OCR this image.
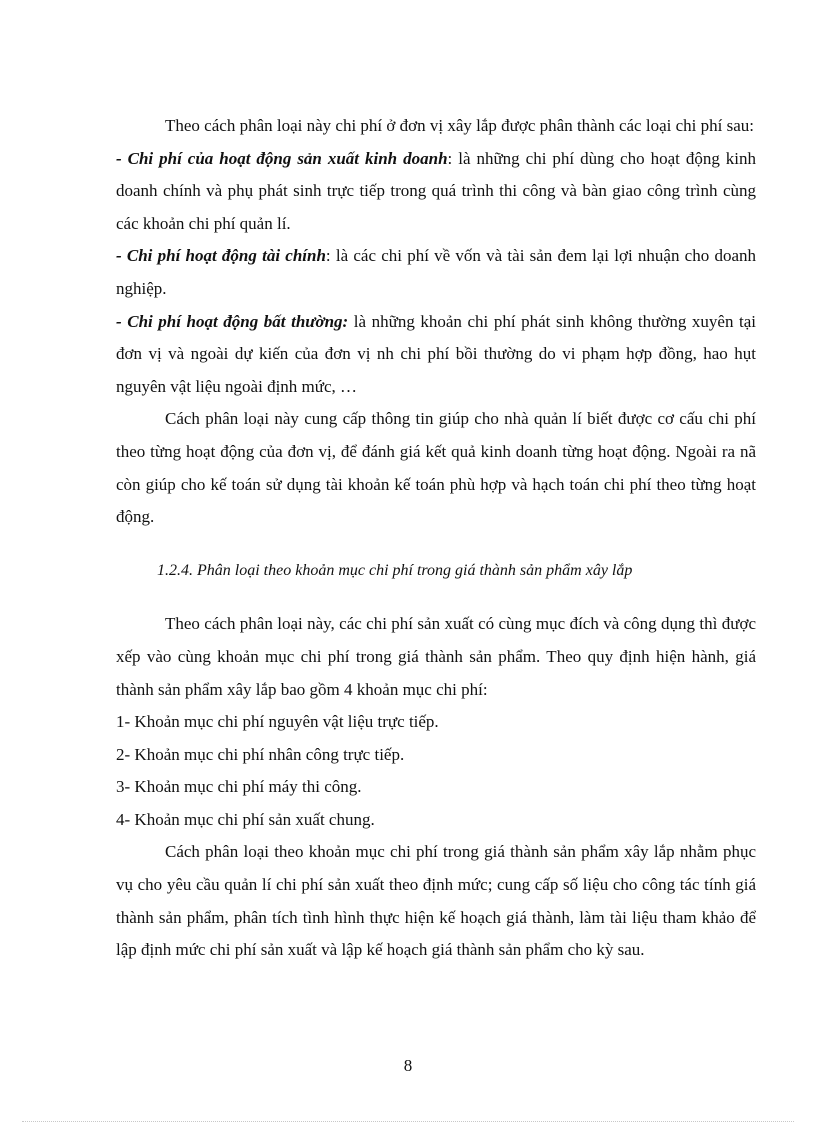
Theo cách phân loại này chi phí ở đơn vị xây lắp được phân thành các loại chi phí sau:

- Chi phí của hoạt động sản xuất kinh doanh: là những chi phí dùng cho hoạt động kinh doanh chính và phụ phát sinh trực tiếp trong quá trình thi công và bàn giao công trình cùng các khoản chi phí quản lí.

- Chi phí hoạt động tài chính: là các chi phí về vốn và tài sản đem lại lợi nhuận cho doanh nghiệp.

- Chi phí hoạt động bất thường: là những khoản chi phí phát sinh không thường xuyên tại đơn vị và ngoài dự kiến của đơn vị nh chi phí bồi thường do vi phạm hợp đồng, hao hụt nguyên vật liệu ngoài định mức, …

Cách phân loại này cung cấp thông tin giúp cho nhà quản lí biết được cơ cấu chi phí theo từng hoạt động của đơn vị, để đánh giá kết quả kinh doanh từng hoạt động. Ngoài ra nã còn giúp cho kế toán sử dụng tài khoản kế toán phù hợp và hạch toán chi phí theo từng hoạt động.

1.2.4. Phân loại theo khoản mục chi phí trong giá thành sản phẩm xây lắp

Theo cách phân loại này, các chi phí sản xuất có cùng mục đích và công dụng thì được xếp vào cùng khoản mục chi phí trong giá thành sản phẩm. Theo quy định hiện hành, giá thành sản phẩm xây lắp bao gồm 4 khoản mục chi phí:

1- Khoản mục chi phí nguyên vật liệu trực tiếp.

2- Khoản mục chi phí nhân công trực tiếp.

3- Khoản mục chi phí máy thi công.

4- Khoản mục chi phí sản xuất chung.

Cách phân loại theo khoản mục chi phí trong giá thành sản phẩm xây lắp nhằm phục vụ cho yêu cầu quản lí chi phí sản xuất theo định mức; cung cấp số liệu cho công tác tính giá thành sản phẩm, phân tích tình hình thực hiện kế hoạch giá thành, làm tài liệu tham khảo để lập định mức chi phí sản xuất và lập kế hoạch giá thành sản phẩm cho kỳ sau.

8
